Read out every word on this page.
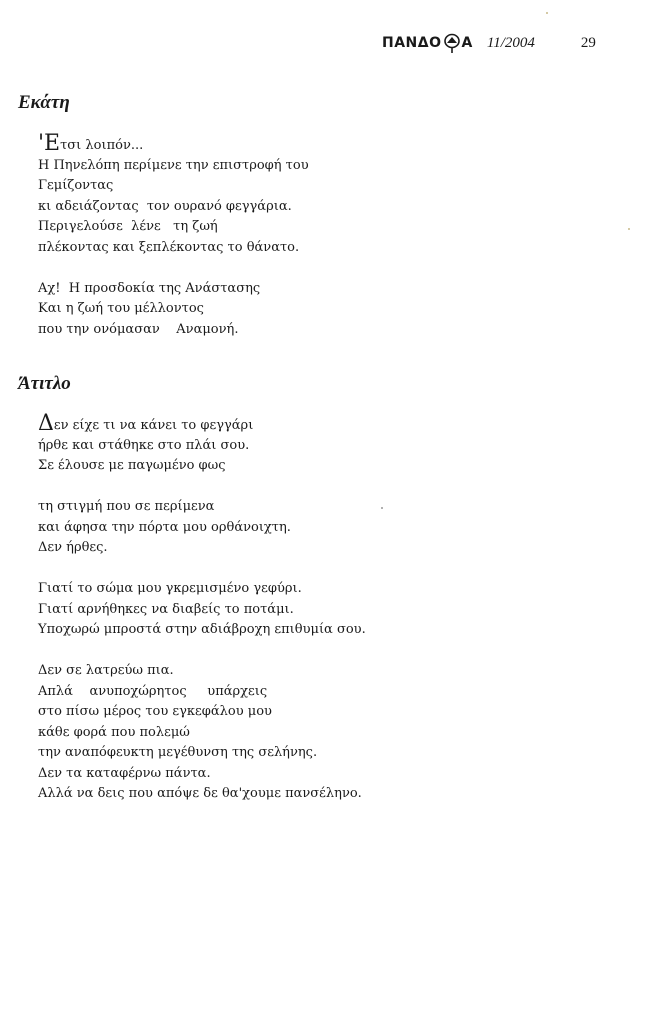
ΠΑΝΔΟ Α 11/2004	29
Εκάτη
'Ετσι λοιπόν...
Η Πηνελόπη περίμενε την επιστροφή του
Γεμίζοντας
κι αδειάζοντας  τον ουρανό φεγγάρια.
Περιγελούσε  λένε   τη ζωή
πλέκοντας και ξεπλέκοντας το θάνατο.
Αχ!  Η προσδοκία της Ανάστασης
Και η ζωή του μέλλοντος
που την ονόμασαν    Αναμονή.
Άτιτλο
Δεν είχε τι να κάνει το φεγγάρι
ήρθε και στάθηκε στο πλάι σου.
Σε έλουσε με παγωμένο φως
τη στιγμή που σε περίμενα
και άφησα την πόρτα μου ορθάνοιχτη.
Δεν ήρθες.
Γιατί το σώμα μου γκρεμισμένο γεφύρι.
Γιατί αρνήθηκες να διαβείς το ποτάμι.
Υποχωρώ μπροστά στην αδιάβροχη επιθυμία σου.
Δεν σε λατρεύω πια.
Απλά    ανυποχώρητος     υπάρχεις
στο πίσω μέρος του εγκεφάλου μου
κάθε φορά που πολεμώ
την αναπόφευκτη μεγέθυνση της σελήνης.
Δεν τα καταφέρνω πάντα.
Αλλά να δεις που απόψε δε θα'χουμε πανσέληνο.
